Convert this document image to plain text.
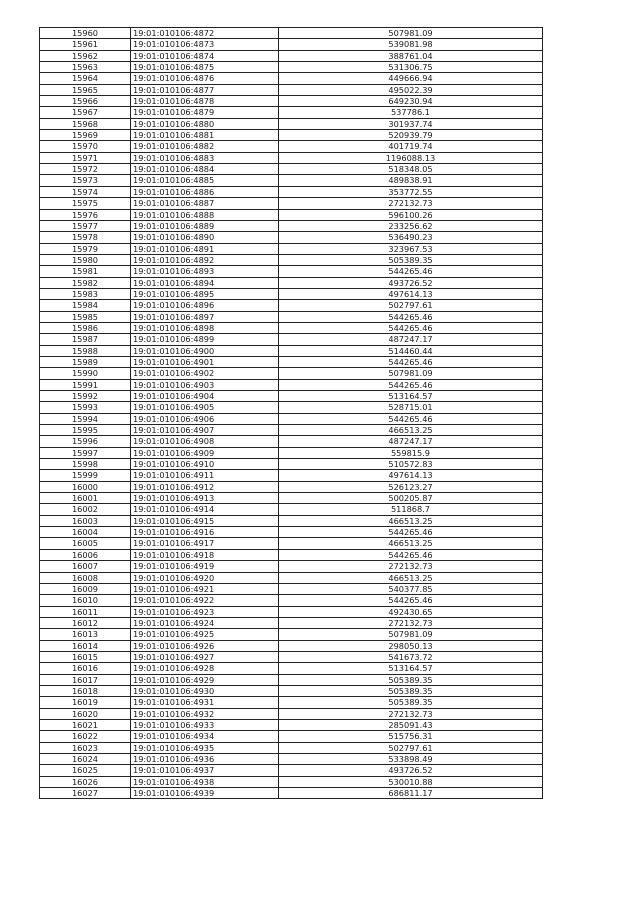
15960	19:01:010106:4872	507981.09
15961	19:01:010106:4873	539081.98
15962	19:01:010106:4874	388761.04
15963	19:01:010106:4875	531306.75
15964	19:01:010106:4876	449666.94
15965	19:01:010106:4877	495022.39
15966	19:01:010106:4878	649230.94
15967	19:01:010106:4879	537786.1
15968	19:01:010106:4880	301937.74
15969	19:01:010106:4881	520939.79
15970	19:01:010106:4882	401719.74
15971	19:01:010106:4883	1196088.13
15972	19:01:010106:4884	518348.05
15973	19:01:010106:4885	489838.91
15974	19:01:010106:4886	353772.55
15975	19:01:010106:4887	272132.73
15976	19:01:010106:4888	596100.26
15977	19:01:010106:4889	233256.62
15978	19:01:010106:4890	536490.23
15979	19:01:010106:4891	323967.53
15980	19:01:010106:4892	505389.35
15981	19:01:010106:4893	544265.46
15982	19:01:010106:4894	493726.52
15983	19:01:010106:4895	497614.13
15984	19:01:010106:4896	502797.61
15985	19:01:010106:4897	544265.46
15986	19:01:010106:4898	544265.46
15987	19:01:010106:4899	487247.17
15988	19:01:010106:4900	514460.44
15989	19:01:010106:4901	544265.46
15990	19:01:010106:4902	507981.09
15991	19:01:010106:4903	544265.46
15992	19:01:010106:4904	513164.57
15993	19:01:010106:4905	528715.01
15994	19:01:010106:4906	544265.46
15995	19:01:010106:4907	466513.25
15996	19:01:010106:4908	487247.17
15997	19:01:010106:4909	559815.9
15998	19:01:010106:4910	510572.83
15999	19:01:010106:4911	497614.13
16000	19:01:010106:4912	526123.27
16001	19:01:010106:4913	500205.87
16002	19:01:010106:4914	511868.7
16003	19:01:010106:4915	466513.25
16004	19:01:010106:4916	544265.46
16005	19:01:010106:4917	466513.25
16006	19:01:010106:4918	544265.46
16007	19:01:010106:4919	272132.73
16008	19:01:010106:4920	466513.25
16009	19:01:010106:4921	540377.85
16010	19:01:010106:4922	544265.46
16011	19:01:010106:4923	492430.65
16012	19:01:010106:4924	272132.73
16013	19:01:010106:4925	507981.09
16014	19:01:010106:4926	298050.13
16015	19:01:010106:4927	541673.72
16016	19:01:010106:4928	513164.57
16017	19:01:010106:4929	505389.35
16018	19:01:010106:4930	505389.35
16019	19:01:010106:4931	505389.35
16020	19:01:010106:4932	272132.73
16021	19:01:010106:4933	285091.43
16022	19:01:010106:4934	515756.31
16023	19:01:010106:4935	502797.61
16024	19:01:010106:4936	533898.49
16025	19:01:010106:4937	493726.52
16026	19:01:010106:4938	530010.88
16027	19:01:010106:4939	686811.17
